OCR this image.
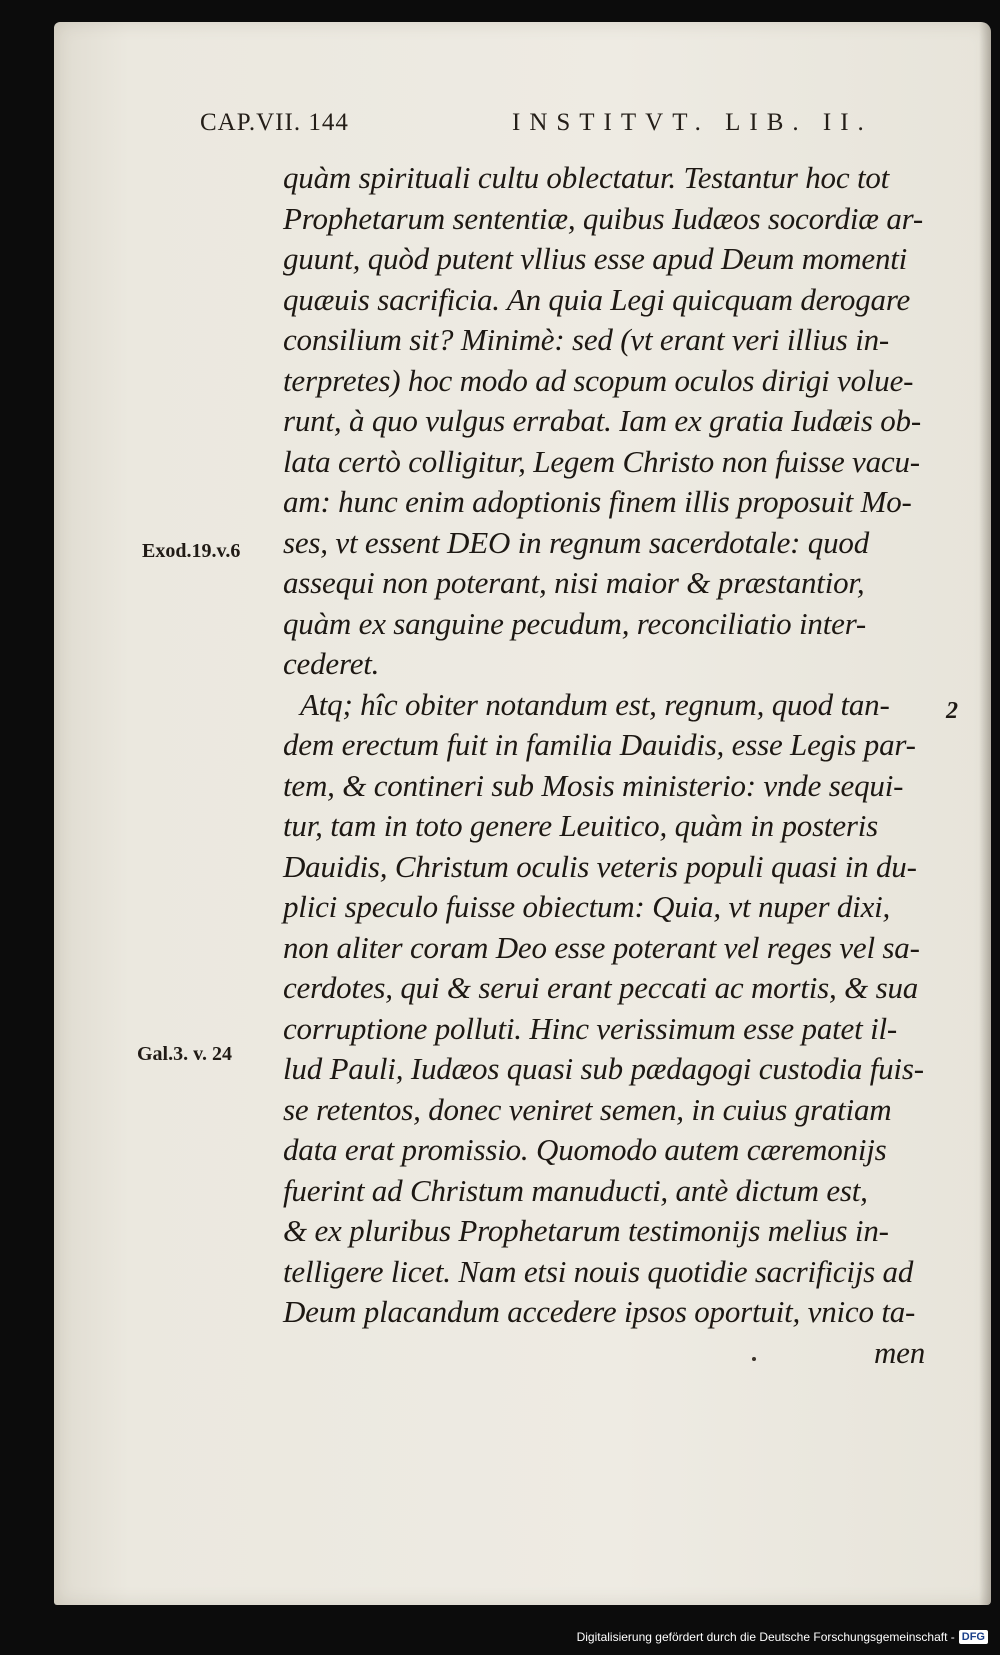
CAP.VII. 144	INSTITVT. LIB. II.
quàm spirituali cultu oblectatur. Testantur hoc tot
Prophetarum sententiæ, quibus Iudæos socordiæ ar-
guunt, quòd putent vllius esse apud Deum momenti
quæuis sacrificia. An quia Legi quicquam derogare
consilium sit? Minimè: sed (vt erant veri illius in-
terpretes) hoc modo ad scopum oculos dirigi volue-
runt, à quo vulgus errabat. Iam ex gratia Iudæis ob-
lata certò colligitur, Legem Christo non fuisse vacu-
am: hunc enim adoptionis finem illis proposuit Mo-
ses, vt essent DEO in regnum sacerdotale: quod
assequi non poterant, nisi maior & præstantior,
quàm ex sanguine pecudum, reconciliatio inter-
cederet.
Atq; hîc obiter notandum est, regnum, quod tan-
dem erectum fuit in familia Dauidis, esse Legis par-
tem, & contineri sub Mosis ministerio: vnde sequi-
tur, tam in toto genere Leuitico, quàm in posteris
Dauidis, Christum oculis veteris populi quasi in du-
plici speculo fuisse obiectum: Quia, vt nuper dixi,
non aliter coram Deo esse poterant vel reges vel sa-
cerdotes, qui & serui erant peccati ac mortis, & sua
corruptione polluti. Hinc verissimum esse patet il-
lud Pauli, Iudæos quasi sub pædagogi custodia fuis-
se retentos, donec veniret semen, in cuius gratiam
data erat promissio. Quomodo autem cæremonijs
fuerint ad Christum manuducti, antè dictum est,
& ex pluribus Prophetarum testimonijs melius in-
telligere licet. Nam etsi nouis quotidie sacrificijs ad
Deum placandum accedere ipsos oportuit, vnico ta-
men
Exod.19.v.6
Gal.3. v. 24
2
Digitalisierung gefördert durch die Deutsche Forschungsgemeinschaft - DFG
